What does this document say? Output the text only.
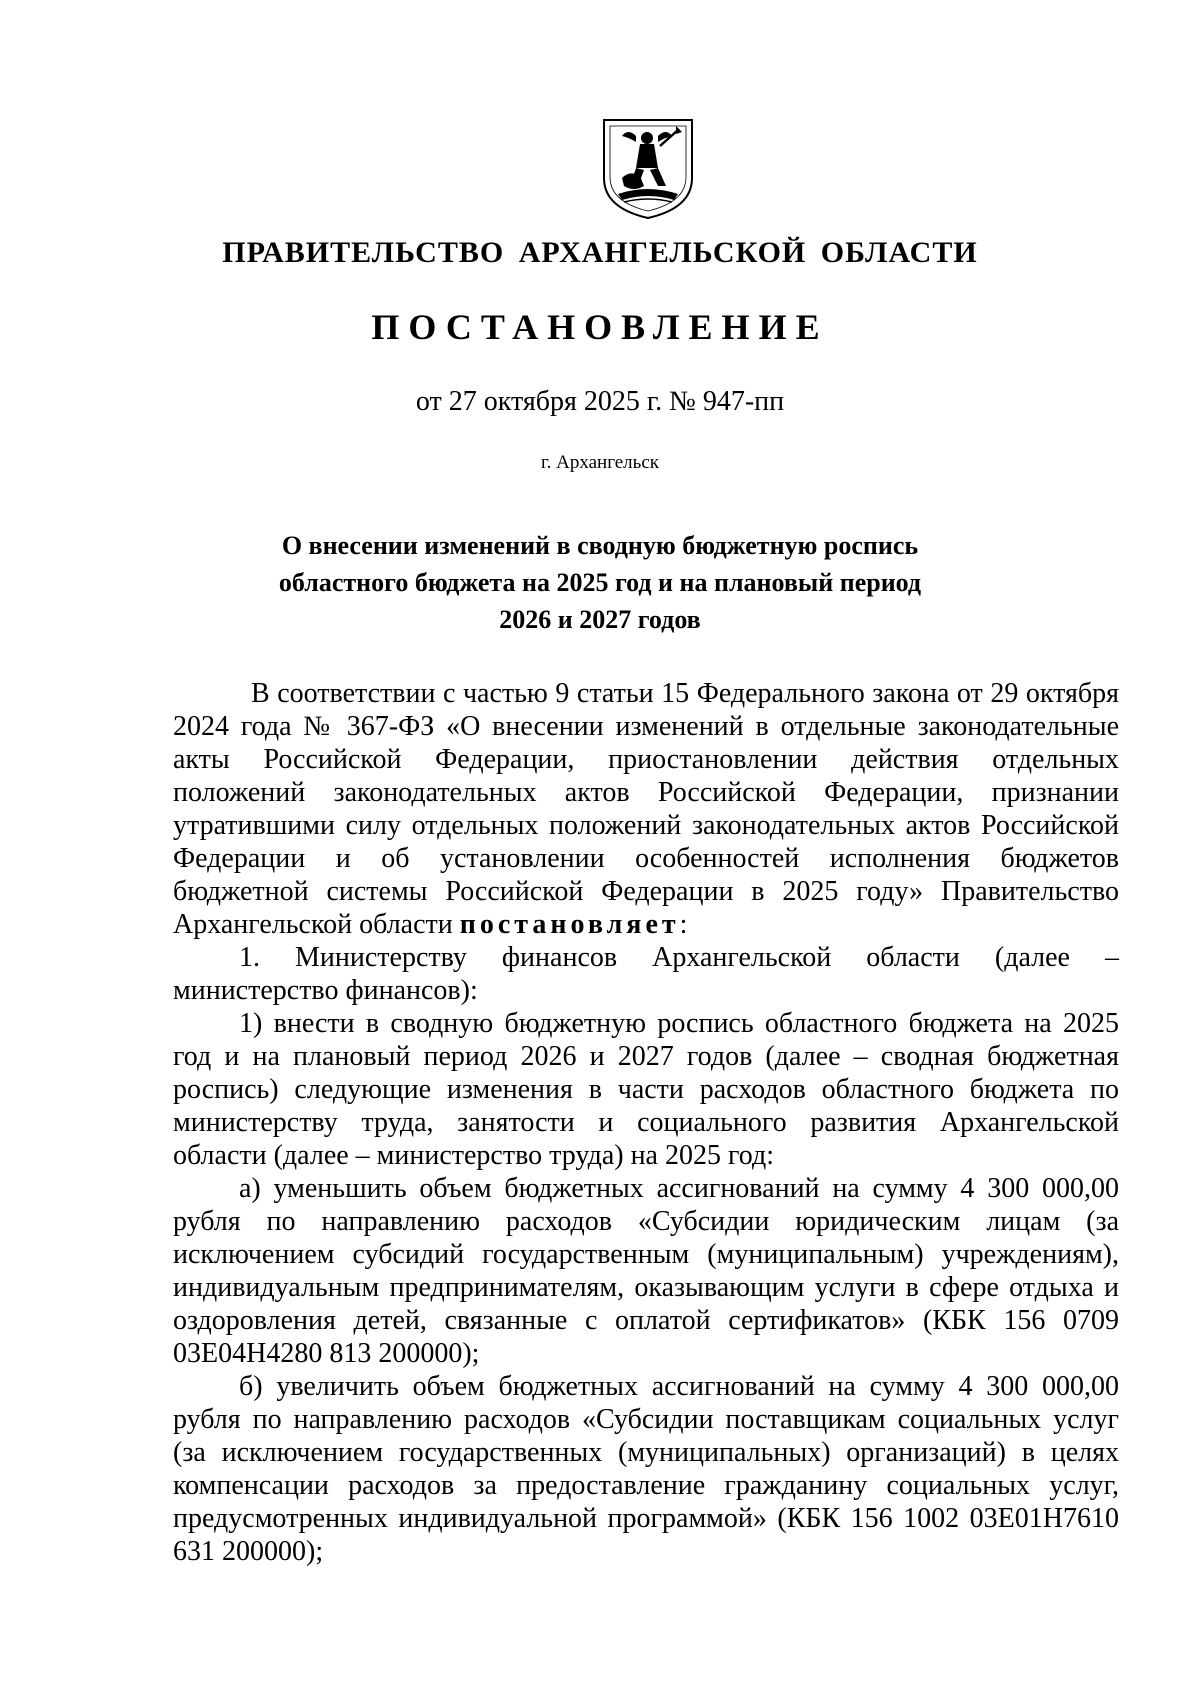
ПРАВИТЕЛЬСТВО АРХАНГЕЛЬСКОЙ ОБЛАСТИ
ПОСТАНОВЛЕНИЕ
от 27 октября 2025 г. № 947-пп
г. Архангельск
О внесении изменений в сводную бюджетную роспись
областного бюджета на 2025 год и на плановый период
2026 и 2027 годов

В соответствии с частью 9 статьи 15 Федерального закона от 29 октября 2024 года № 367-ФЗ «О внесении изменений в отдельные законодательные акты Российской Федерации, приостановлении действия отдельных положений законодательных актов Российской Федерации, признании утратившими силу отдельных положений законодательных актов Российской Федерации и об установлении особенностей исполнения бюджетов бюджетной системы Российской Федерации в 2025 году» Правительство Архангельской области постановляет:

1. Министерству финансов Архангельской области (далее – министерство финансов):

1) внести в сводную бюджетную роспись областного бюджета на 2025 год и на плановый период 2026 и 2027 годов (далее – сводная бюджетная роспись) следующие изменения в части расходов областного бюджета по министерству труда, занятости и социального развития Архангельской области (далее – министерство труда) на 2025 год:

а) уменьшить объем бюджетных ассигнований на сумму 4 300 000,00 рубля по направлению расходов «Субсидии юридическим лицам (за исключением субсидий государственным (муниципальным) учреждениям), индивидуальным предпринимателям, оказывающим услуги в сфере отдыха и оздоровления детей, связанные с оплатой сертификатов» (КБК 156 0709 03Е04Н4280 813 200000);

б) увеличить объем бюджетных ассигнований на сумму 4 300 000,00 рубля по направлению расходов «Субсидии поставщикам социальных услуг (за исключением государственных (муниципальных) организаций) в целях компенсации расходов за предоставление гражданину социальных услуг, предусмотренных индивидуальной программой» (КБК 156 1002 03Е01Н7610 631 200000);
